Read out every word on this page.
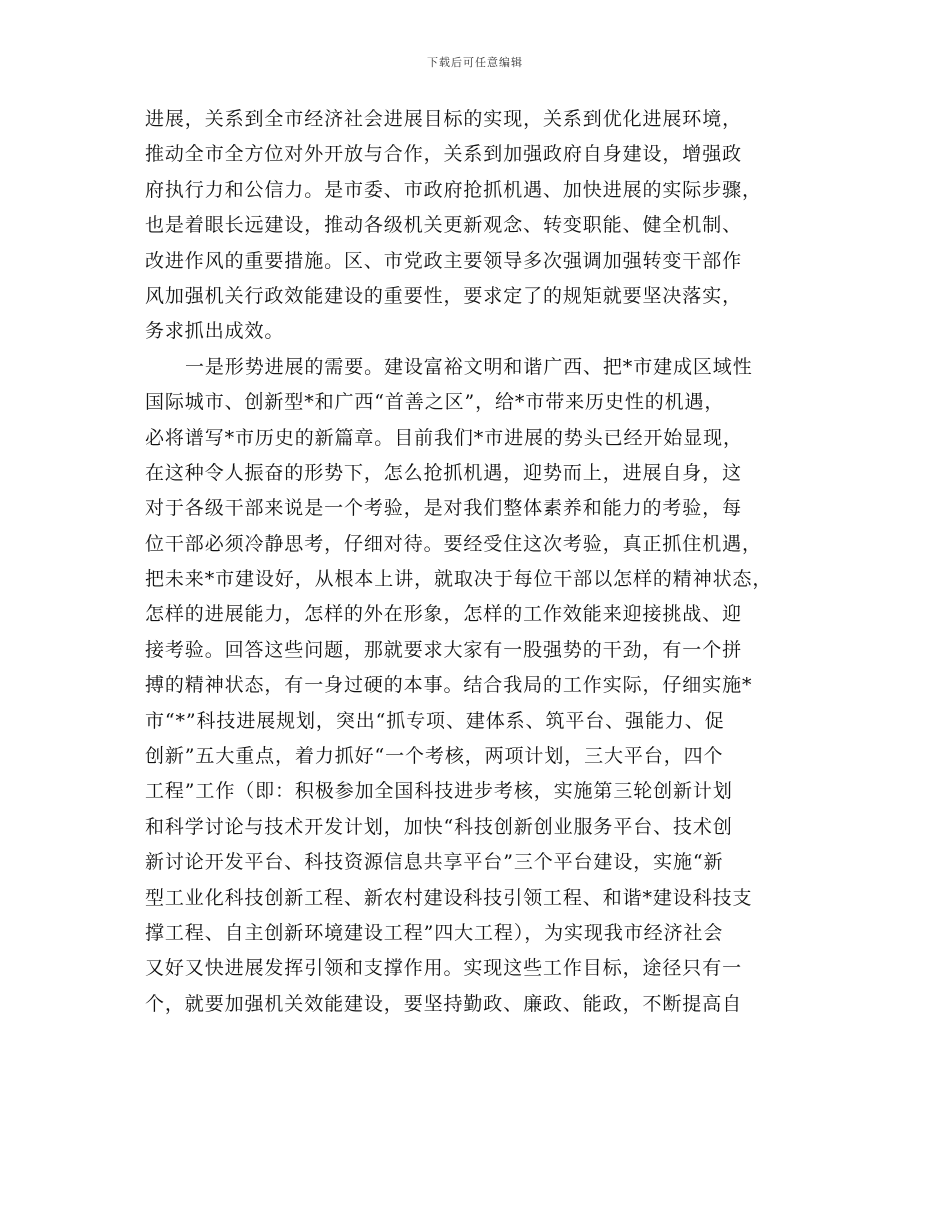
下载后可任意编辑
进展，关系到全市经济社会进展目标的实现，关系到优化进展环境，
推动全市全方位对外开放与合作，关系到加强政府自身建设，增强政
府执行力和公信力。是市委、市政府抢抓机遇、加快进展的实际步骤，
也是着眼长远建设，推动各级机关更新观念、转变职能、健全机制、
改进作风的重要措施。区、市党政主要领导多次强调加强转变干部作
风加强机关行政效能建设的重要性，要求定了的规矩就要坚决落实，
务求抓出成效。
一是形势进展的需要。建设富裕文明和谐广西、把*市建成区域性
国际城市、创新型*和广西“首善之区”，给*市带来历史性的机遇，
必将谱写*市历史的新篇章。目前我们*市进展的势头已经开始显现，
在这种令人振奋的形势下，怎么抢抓机遇，迎势而上，进展自身，这
对于各级干部来说是一个考验，是对我们整体素养和能力的考验，每
位干部必须冷静思考，仔细对待。要经受住这次考验，真正抓住机遇，
把未来*市建设好，从根本上讲，就取决于每位干部以怎样的精神状态，
怎样的进展能力，怎样的外在形象，怎样的工作效能来迎接挑战、迎
接考验。回答这些问题，那就要求大家有一股强势的干劲，有一个拼
搏的精神状态，有一身过硬的本事。结合我局的工作实际，仔细实施*
市“*”科技进展规划，突出“抓专项、建体系、筑平台、强能力、促
创新”五大重点，着力抓好“一个考核，两项计划，三大平台，四个
工程”工作（即：积极参加全国科技进步考核，实施第三轮创新计划
和科学讨论与技术开发计划，加快“科技创新创业服务平台、技术创
新讨论开发平台、科技资源信息共享平台”三个平台建设，实施“新
型工业化科技创新工程、新农村建设科技引领工程、和谐*建设科技支
撑工程、自主创新环境建设工程”四大工程），为实现我市经济社会
又好又快进展发挥引领和支撑作用。实现这些工作目标，途径只有一
个，就要加强机关效能建设，要坚持勤政、廉政、能政，不断提高自
